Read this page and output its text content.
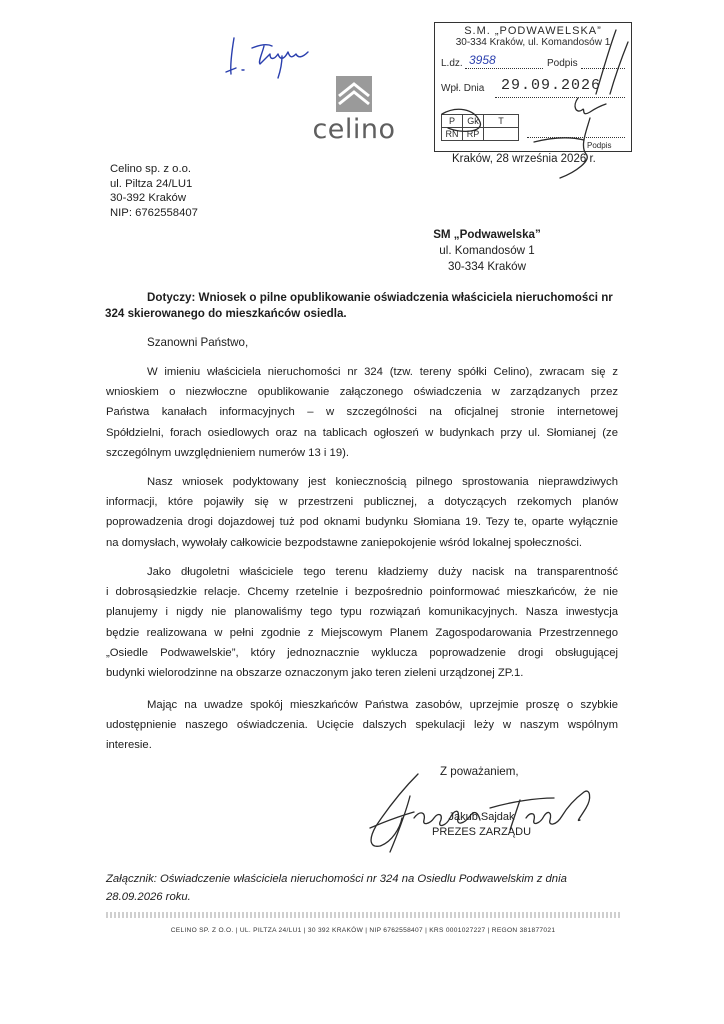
celino
S.M. „PODWAWELSKA”
30-334 Kraków, ul. Komandosów 1
L.dz. 3958	Podpis
Wpł. Dnia 29.09.2026
P	Gk	T
RN RP
Podpis
Kraków, 28 września 2026 r.
Celino sp. z o.o.
ul. Piltza 24/LU1
30-392 Kraków
NIP: 6762558407
SM „Podwawelska”
ul. Komandosów 1
30-334 Kraków
Dotyczy: Wniosek o pilne opublikowanie oświadczenia właściciela nieruchomości nr
324 skierowanego do mieszkańców osiedla.
Szanowni Państwo,
W imieniu właściciela nieruchomości nr 324 (tzw. tereny spółki Celino), zwracam się z
wnioskiem o niezwłoczne opublikowanie załączonego oświadczenia w zarządzanych przez
Państwa kanałach informacyjnych – w szczególności na oficjalnej stronie internetowej
Spółdzielni, forach osiedlowych oraz na tablicach ogłoszeń w budynkach przy ul. Słomianej (ze
szczególnym uwzględnieniem numerów 13 i 19).
Nasz wniosek podyktowany jest koniecznością pilnego sprostowania nieprawdziwych
informacji, które pojawiły się w przestrzeni publicznej, a dotyczących rzekomych planów
poprowadzenia drogi dojazdowej tuż pod oknami budynku Słomiana 19. Tezy te, oparte wyłącznie
na domysłach, wywołały całkowicie bezpodstawne zaniepokojenie wśród lokalnej społeczności.
Jako długoletni właściciele tego terenu kładziemy duży nacisk na transparentność
i dobrosąsiedzkie relacje. Chcemy rzetelnie i bezpośrednio poinformować mieszkańców, że nie
planujemy i nigdy nie planowaliśmy tego typu rozwiązań komunikacyjnych. Nasza inwestycja
będzie realizowana w pełni zgodnie z Miejscowym Planem Zagospodarowania Przestrzennego
„Osiedle Podwawelskie”, który jednoznacznie wyklucza poprowadzenie drogi obsługującej
budynki wielorodzinne na obszarze oznaczonym jako teren zieleni urządzonej ZP.1.
Mając na uwadze spokój mieszkańców Państwa zasobów, uprzejmie proszę o szybkie
udostępnienie naszego oświadczenia. Ucięcie dalszych spekulacji leży w naszym wspólnym
interesie.
Z poważaniem,
Jakub Sajdak
PREZES ZARZĄDU
Załącznik: Oświadczenie właściciela nieruchomości nr 324 na Osiedlu Podwawelskim z dnia
28.09.2026 roku.
CELINO SP. Z O.O. | UL. PILTZA 24/LU1 | 30 392 KRAKÓW | NIP 6762558407 | KRS 0001027227 | REGON 381877021
